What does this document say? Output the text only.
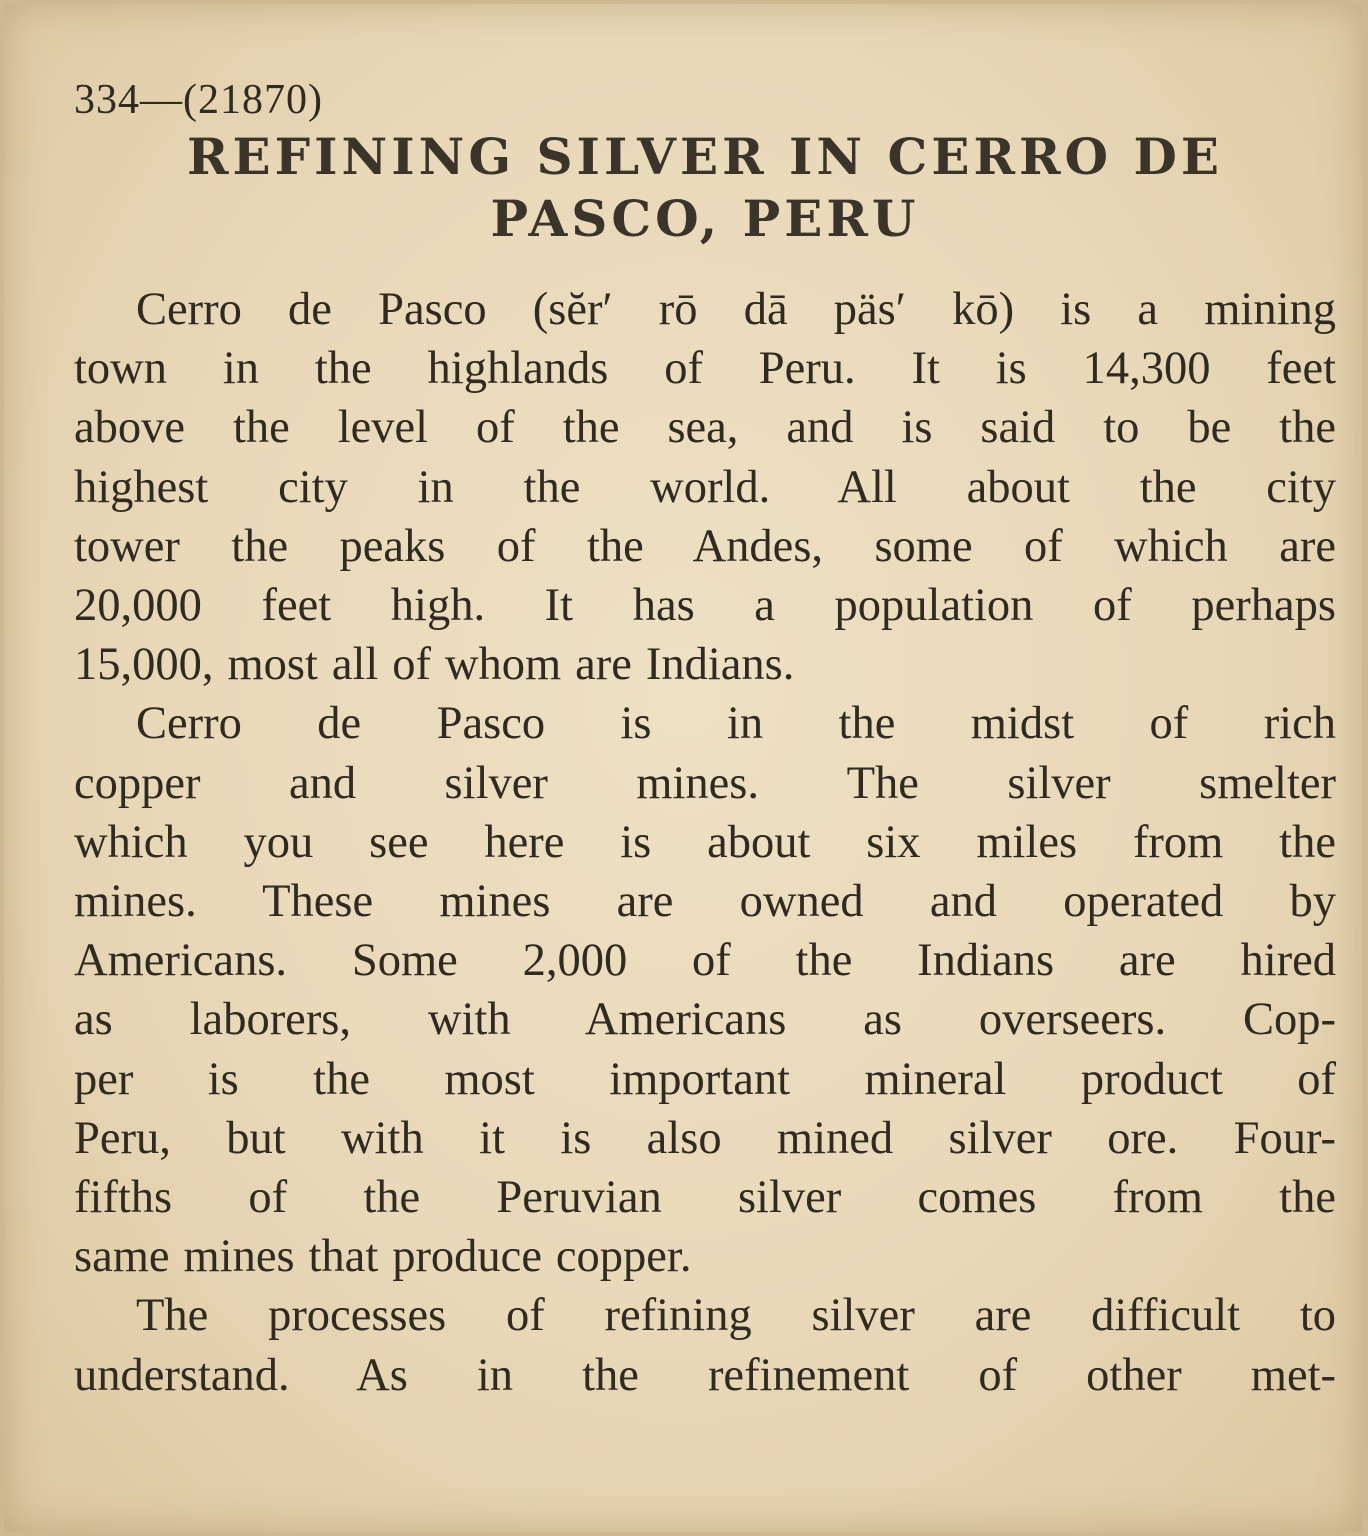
334—(21870)

REFINING SILVER IN CERRO DE
PASCO, PERU

Cerro de Pasco (sĕr′ rō dā päs′ kō) is a mining
town in the highlands of Peru. It is 14,300 feet
above the level of the sea, and is said to be the
highest city in the world. All about the city
tower the peaks of the Andes, some of which are
20,000 feet high. It has a population of perhaps
15,000, most all of whom are Indians.

Cerro de Pasco is in the midst of rich
copper and silver mines. The silver smelter
which you see here is about six miles from the
mines. These mines are owned and operated by
Americans. Some 2,000 of the Indians are hired
as laborers, with Americans as overseers. Cop-
per is the most important mineral product of
Peru, but with it is also mined silver ore. Four-
fifths of the Peruvian silver comes from the
same mines that produce copper.

The processes of refining silver are difficult to
understand. As in the refinement of other met-
